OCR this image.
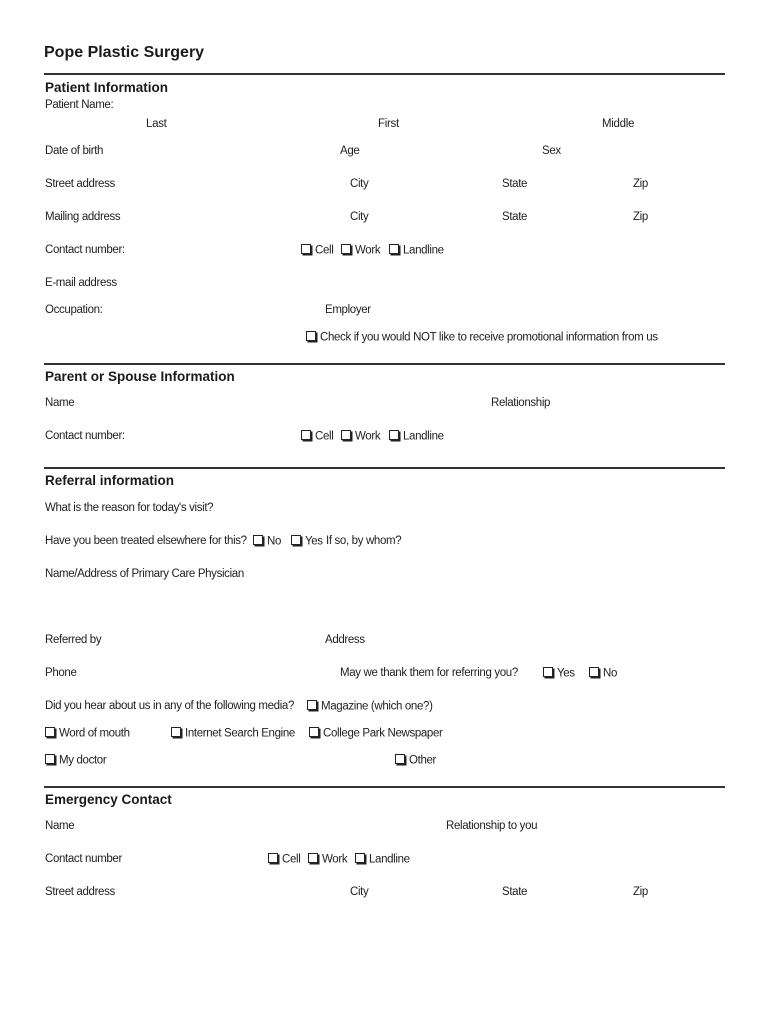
Pope Plastic Surgery
Patient Information
Patient Name:
Last	First	Middle
Date of birth	Age	Sex
Street address	City	State	Zip
Mailing address	City	State	Zip
Contact number:	Cell	Work	Landline
E-mail address
Occupation:	Employer
Check if you would NOT like to receive promotional information from us
Parent or Spouse Information
Name	Relationship
Contact number:	Cell	Work	Landline
Referral information
What is the reason for today's visit?
Have you been treated elsewhere for this?	No	Yes If so, by whom?
Name/Address of Primary Care Physician
Referred by	Address
Phone	May we thank them for referring you?	Yes	No
Did you hear about us in any of the following media?	Magazine (which one?)
Word of mouth	Internet Search Engine	College Park Newspaper
My doctor	Other
Emergency Contact
Name	Relationship to you
Contact number	Cell	Work	Landline
Street address	City	State	Zip
